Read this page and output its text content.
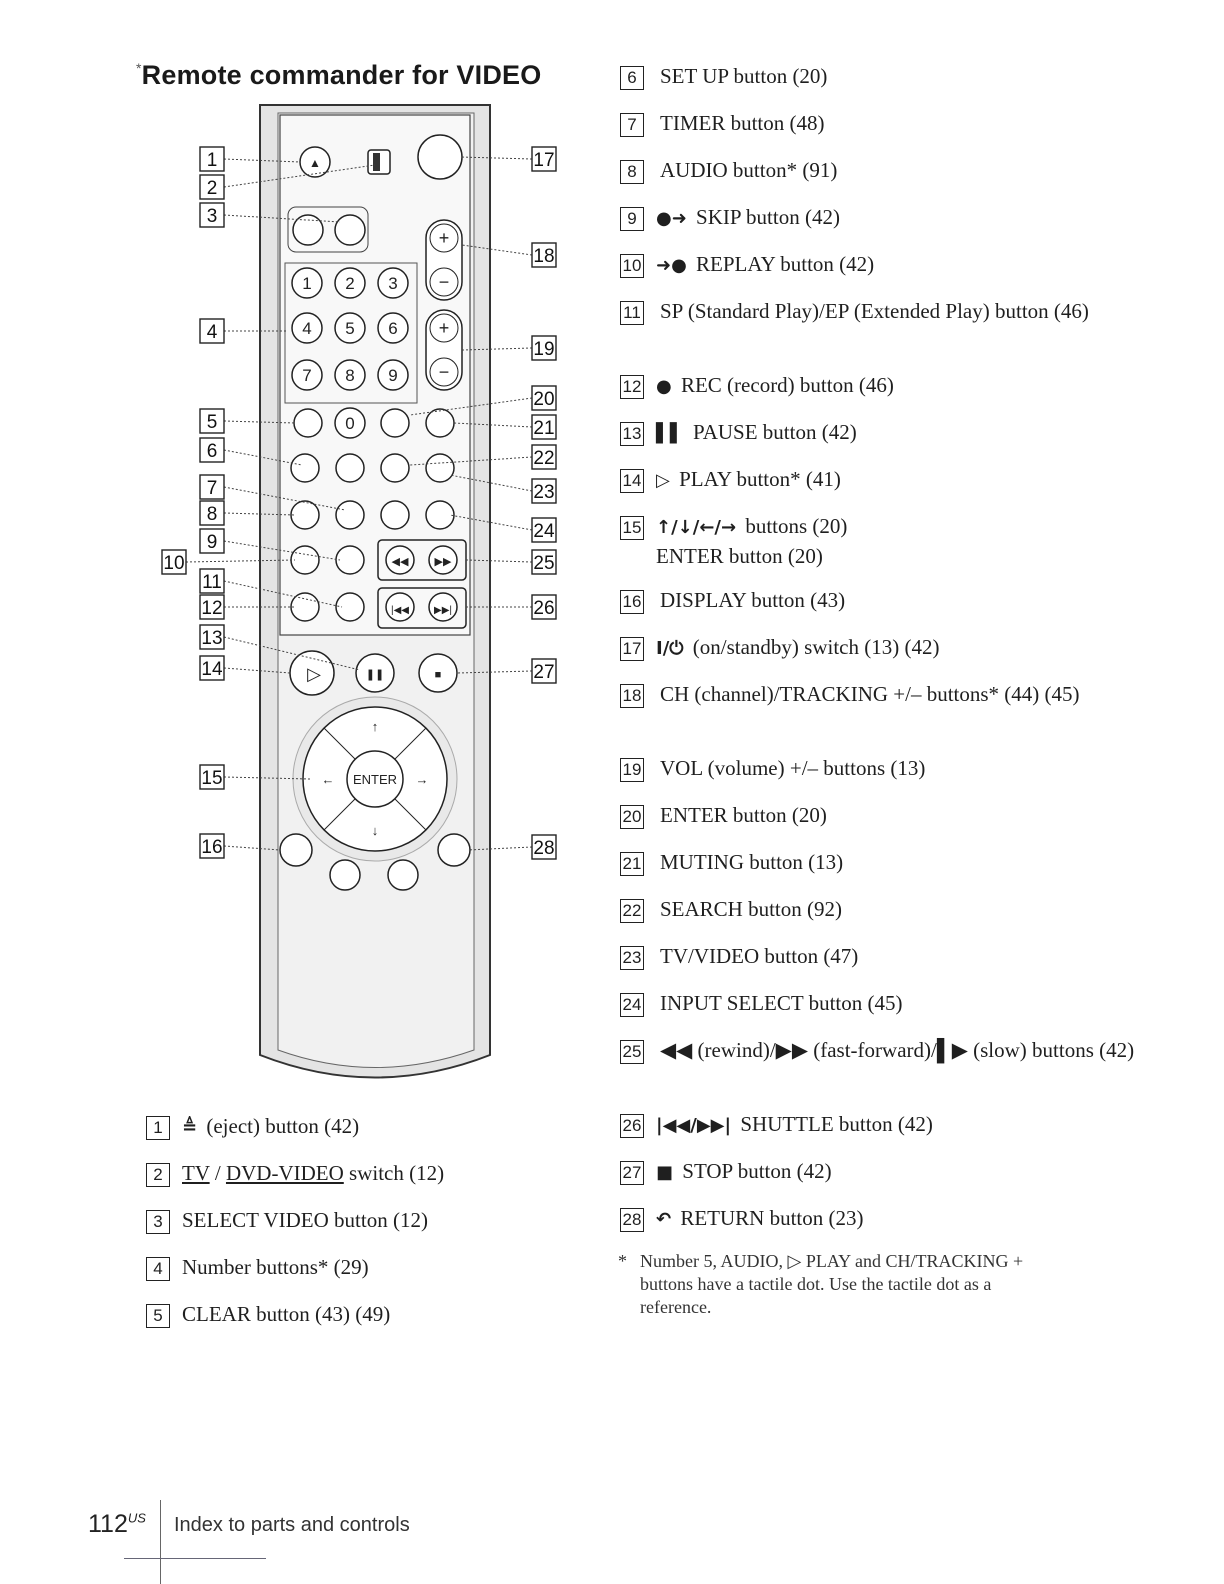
*Remote commander for VIDEO
▲
+
−
+
−
1 2 3
4 5 6
7 8 9
0
◀◀ ▶▶
|◀◀	▶▶|
▷	❚❚	■
ENTER
↑
↓
←	→
1
2
3
4
5
6
7
8
9
10
11
12
13
14
15
16
17
18
19
20
21
22
23
24
25
26
27
28
1	≜ (eject) button (42)
2 TV / DVD-VIDEO switch (12)
3 SELECT VIDEO button (12)
4 Number buttons* (29)
5 CLEAR button (43) (49)
6	SET UP button (20)
7	TIMER button (48)
8	AUDIO button* (91)
9	●➜ SKIP button (42)
10 ➜● REPLAY button (42)
11 SP (Standard Play)/EP (Extended Play) button (46)
12 ● REC (record) button (46)
13 ▌▌ PAUSE button (42)
14 ▷ PLAY button* (41)
15 ↑/↓/←/→ buttons (20)
ENTER button (20)
16 DISPLAY button (43)
17 I/⏻ (on/standby) switch (13) (42)
18 CH (channel)/TRACKING +/– buttons* (44) (45)
19 VOL (volume) +/– buttons (13)
20 ENTER button (20)
21 MUTING button (13)
22 SEARCH button (92)
23 TV/VIDEO button (47)
24 INPUT SELECT button (45)
25 ◀◀ (rewind)/▶▶ (fast-forward)/▌▶ (slow) buttons (42)
26 |◀◀/▶▶| SHUTTLE button (42)
27 ■ STOP button (42)
28 ↶ RETURN button (23)
* Number 5, AUDIO, ▷ PLAY and CH/TRACKING + buttons have a tactile dot. Use the tactile dot as a reference.
$112^{US}$ Index to parts and controls
